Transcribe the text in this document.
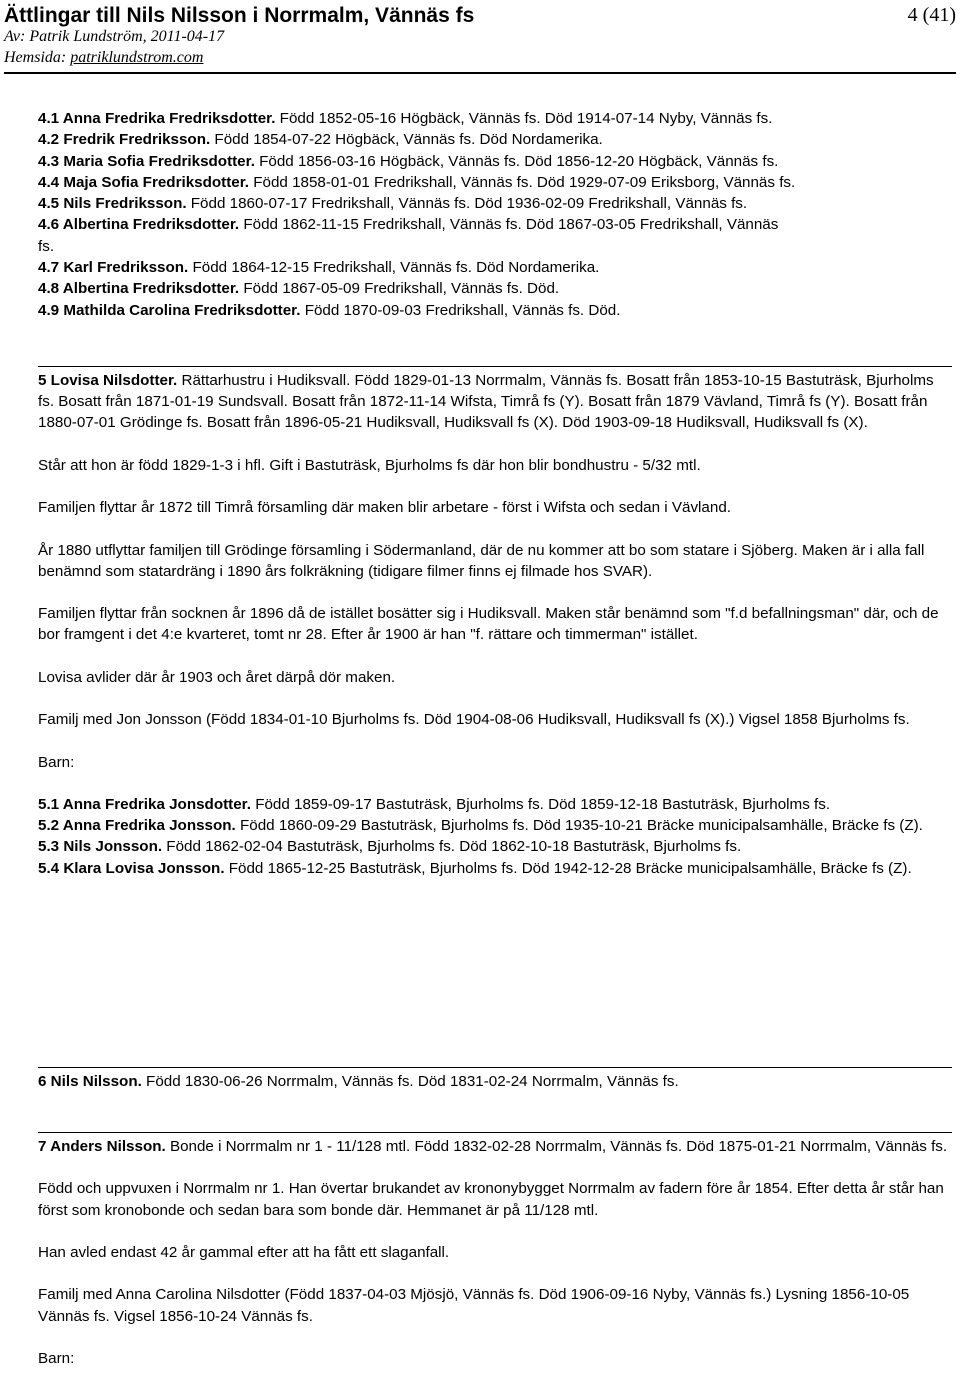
Ättlingar till Nils Nilsson i Norrmalm, Vännäs fs	4 (41)
Av: Patrik Lundström, 2011-04-17
Hemsida: patriklundstrom.com
4.1 Anna Fredrika Fredriksdotter. Född 1852-05-16 Högbäck, Vännäs fs. Död 1914-07-14 Nyby, Vännäs fs.
4.2 Fredrik Fredriksson. Född 1854-07-22 Högbäck, Vännäs fs. Död Nordamerika.
4.3 Maria Sofia Fredriksdotter. Född 1856-03-16 Högbäck, Vännäs fs. Död 1856-12-20 Högbäck, Vännäs fs.
4.4 Maja Sofia Fredriksdotter. Född 1858-01-01 Fredrikshall, Vännäs fs. Död 1929-07-09 Eriksborg, Vännäs fs.
4.5 Nils Fredriksson. Född 1860-07-17 Fredrikshall, Vännäs fs. Död 1936-02-09 Fredrikshall, Vännäs fs.
4.6 Albertina Fredriksdotter. Född 1862-11-15 Fredrikshall, Vännäs fs. Död 1867-03-05 Fredrikshall, Vännäs
fs.
4.7 Karl Fredriksson. Född 1864-12-15 Fredrikshall, Vännäs fs. Död Nordamerika.
4.8 Albertina Fredriksdotter. Född 1867-05-09 Fredrikshall, Vännäs fs. Död.
4.9 Mathilda Carolina Fredriksdotter. Född 1870-09-03 Fredrikshall, Vännäs fs. Död.

5 Lovisa Nilsdotter. Rättarhustru i Hudiksvall. Född 1829-01-13 Norrmalm, Vännäs fs. Bosatt från 1853-10-15 Bastuträsk, Bjurholms fs. Bosatt från 1871-01-19 Sundsvall. Bosatt från 1872-11-14 Wifsta, Timrå fs (Y). Bosatt från 1879 Vävland, Timrå fs (Y). Bosatt från 1880-07-01 Grödinge fs. Bosatt från 1896-05-21 Hudiksvall, Hudiksvall fs (X). Död 1903-09-18 Hudiksvall, Hudiksvall fs (X).

Står att hon är född 1829-1-3 i hfl. Gift i Bastuträsk, Bjurholms fs där hon blir bondhustru - 5/32 mtl.

Familjen flyttar år 1872 till Timrå församling där maken blir arbetare - först i Wifsta och sedan i Vävland.

År 1880 utflyttar familjen till Grödinge församling i Södermanland, där de nu kommer att bo som statare i Sjöberg. Maken är i alla fall benämnd som statardräng i 1890 års folkräkning (tidigare filmer finns ej filmade hos SVAR).

Familjen flyttar från socknen år 1896 då de istället bosätter sig i Hudiksvall. Maken står benämnd som "f.d befallningsman" där, och de bor framgent i det 4:e kvarteret, tomt nr 28. Efter år 1900 är han "f. rättare och timmerman" istället.

Lovisa avlider där år 1903 och året därpå dör maken.

Familj med Jon Jonsson (Född 1834-01-10 Bjurholms fs. Död 1904-08-06 Hudiksvall, Hudiksvall fs (X).) Vigsel 1858 Bjurholms fs.

Barn:

5.1 Anna Fredrika Jonsdotter. Född 1859-09-17 Bastuträsk, Bjurholms fs. Död 1859-12-18 Bastuträsk, Bjurholms fs.

5.2 Anna Fredrika Jonsson. Född 1860-09-29 Bastuträsk, Bjurholms fs. Död 1935-10-21 Bräcke municipalsamhälle, Bräcke fs (Z).

5.3 Nils Jonsson. Född 1862-02-04 Bastuträsk, Bjurholms fs. Död 1862-10-18 Bastuträsk, Bjurholms fs.

5.4 Klara Lovisa Jonsson. Född 1865-12-25 Bastuträsk, Bjurholms fs. Död 1942-12-28 Bräcke municipalsamhälle, Bräcke fs (Z).

6 Nils Nilsson. Född 1830-06-26 Norrmalm, Vännäs fs. Död 1831-02-24 Norrmalm, Vännäs fs.

7 Anders Nilsson. Bonde i Norrmalm nr 1 - 11/128 mtl. Född 1832-02-28 Norrmalm, Vännäs fs. Död 1875-01-21 Norrmalm, Vännäs fs.

Född och uppvuxen i Norrmalm nr 1. Han övertar brukandet av krononybygget Norrmalm av fadern före år 1854. Efter detta år står han först som kronobonde och sedan bara som bonde där. Hemmanet är på 11/128 mtl.

Han avled endast 42 år gammal efter att ha fått ett slaganfall.

Familj med Anna Carolina Nilsdotter (Född 1837-04-03 Mjösjö, Vännäs fs. Död 1906-09-16 Nyby, Vännäs fs.) Lysning 1856-10-05 Vännäs fs. Vigsel 1856-10-24 Vännäs fs.

Barn:
